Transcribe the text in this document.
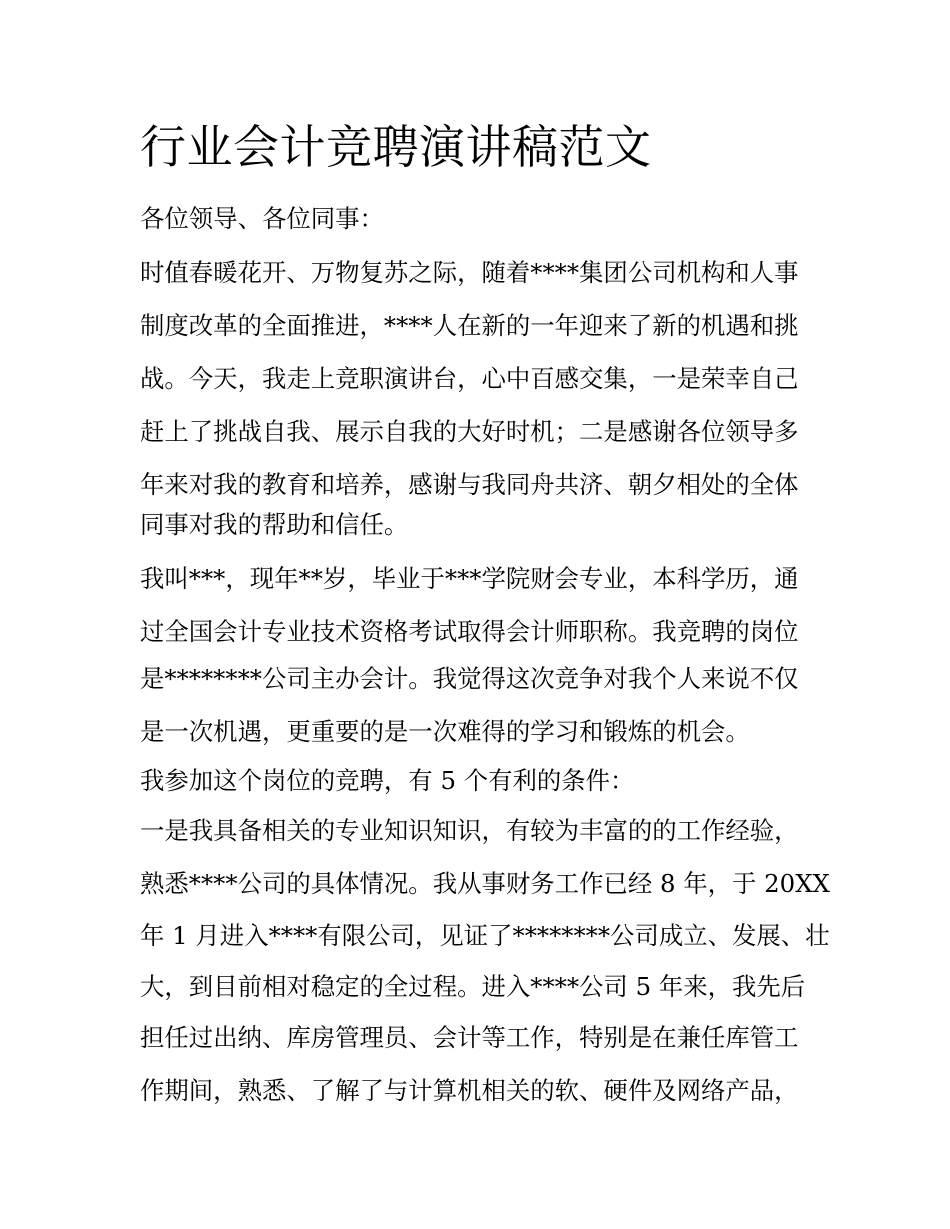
行业会计竞聘演讲稿范文

各位领导、各位同事：

时值春暖花开、万物复苏之际，随着****集团公司机构和人事

制度改革的全面推进，****人在新的一年迎来了新的机遇和挑

战。今天，我走上竞职演讲台，心中百感交集，一是荣幸自己

赶上了挑战自我、展示自我的大好时机；二是感谢各位领导多

年来对我的教育和培养，感谢与我同舟共济、朝夕相处的全体

同事对我的帮助和信任。

我叫***，现年**岁，毕业于***学院财会专业，本科学历，通

过全国会计专业技术资格考试取得会计师职称。我竞聘的岗位

是********公司主办会计。我觉得这次竞争对我个人来说不仅

是一次机遇，更重要的是一次难得的学习和锻炼的机会。

我参加这个岗位的竞聘，有 5 个有利的条件：

一是我具备相关的专业知识知识，有较为丰富的的工作经验，

熟悉****公司的具体情况。我从事财务工作已经 8 年，于 20XX

年 1 月进入****有限公司，见证了********公司成立、发展、壮

大，到目前相对稳定的全过程。进入****公司 5 年来，我先后

担任过出纳、库房管理员、会计等工作，特别是在兼任库管工

作期间，熟悉、了解了与计算机相关的软、硬件及网络产品，
